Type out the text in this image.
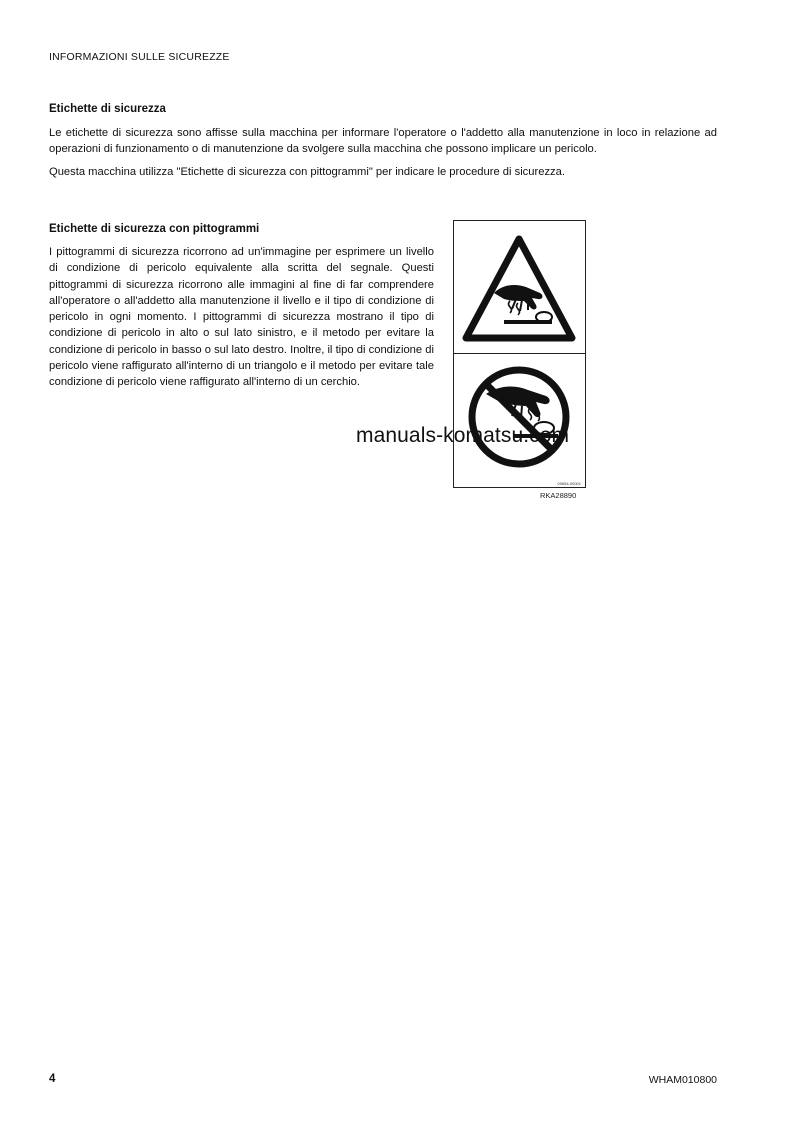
INFORMAZIONI SULLE SICUREZZE
Etichette di sicurezza

Le etichette di sicurezza sono affisse sulla macchina per informare l'operatore o l'addetto alla manutenzione in loco in relazione ad operazioni di funzionamento o di manutenzione da svolgere sulla macchina che possono implicare un pericolo.

Questa macchina utilizza "Etichette di sicurezza con pittogrammi" per indicare le procedure di sicurezza.

Etichette di sicurezza con pittogrammi

I pittogrammi di sicurezza ricorrono ad un'immagine per esprimere un livello di condizione di pericolo equivalente alla scritta del segnale. Questi pittogrammi di sicurezza ricorrono alle immagini al fine di far comprendere all'operatore o all'addetto alla manutenzione il livello e il tipo di condizione di pericolo in ogni momento. I pittogrammi di sicurezza mostrano il tipo di condizione di pericolo in alto o sul lato sinistro, e il metodo per evitare la condizione di pericolo in basso o sul lato destro. Inoltre, il tipo di condizione di pericolo viene raffigurato all'interno di un triangolo e il metodo per evitare tale condizione di pericolo viene raffigurato all'interno di un cerchio.

09654-00001
RKA28890
manuals-komatsu.com
4	WHAM010800
